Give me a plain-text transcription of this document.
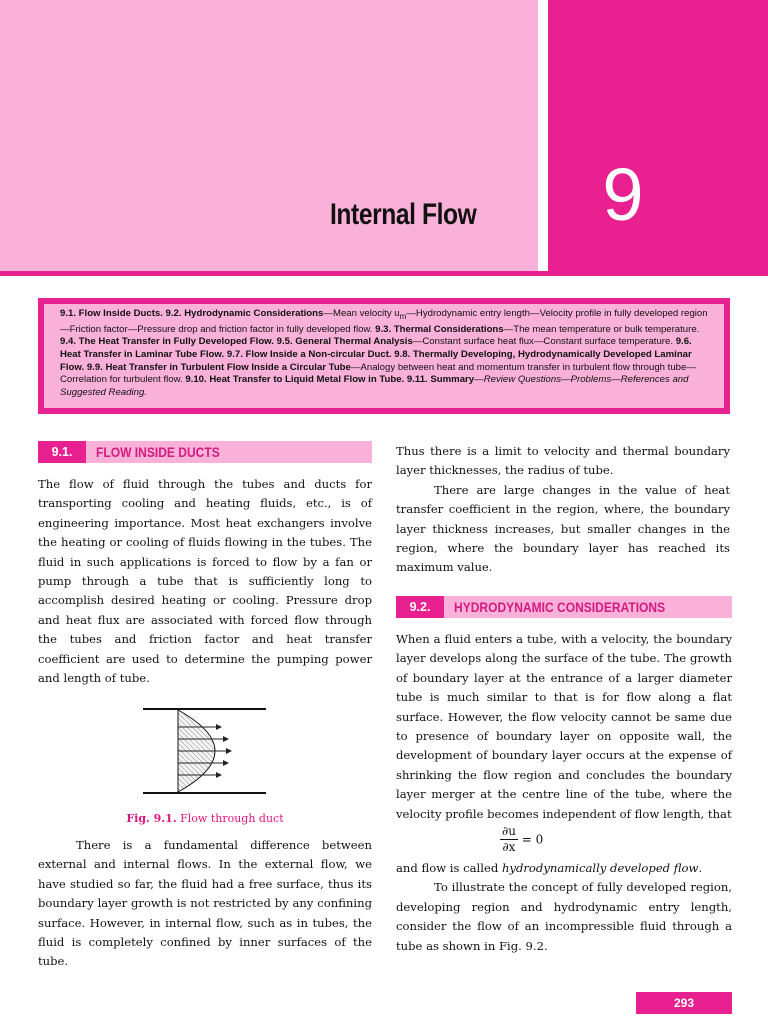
Internal Flow	9
9.1. Flow Inside Ducts. 9.2. Hydrodynamic Considerations—Mean velocity $u_m—Hydrodynamic$ entry length—Velocity profile in fully developed region—Friction factor—Pressure drop and friction factor in fully developed flow. 9.3. Thermal Considerations—The mean temperature or bulk temperature. 9.4. The Heat Transfer in Fully Developed Flow. 9.5. General Thermal Analysis—Constant surface heat flux—Constant surface temperature. 9.6. Heat Transfer in Laminar Tube Flow. 9.7. Flow Inside a Non-circular Duct. 9.8. Thermally Developing, Hydrodynamically Developed Laminar Flow. 9.9. Heat Transfer in Turbulent Flow Inside a Circular Tube—Analogy between heat and momentum transfer in turbulent flow through tube—Correlation for turbulent flow. 9.10. Heat Transfer to Liquid Metal Flow in Tube. 9.11. Summary—Review Questions—Problems—References and Suggested Reading.
9.1.	FLOW INSIDE DUCTS

The flow of fluid through the tubes and ducts for transporting cooling and heating fluids, etc., is of engineering importance. Most heat exchangers involve the heating or cooling of fluids flowing in the tubes. The fluid in such applications is forced to flow by a fan or pump through a tube that is sufficiently long to accomplish desired heating or cooling. Pressure drop and heat flux are associated with forced flow through the tubes and friction factor and heat transfer coefficient are used to determine the pumping power and length of tube.

Fig. 9.1. Flow through duct

There is a fundamental difference between external and internal flows. In the external flow, we have studied so far, the fluid had a free surface, thus its boundary layer growth is not restricted by any confining surface. However, in internal flow, such as in tubes, the fluid is completely confined by inner surfaces of the tube.

Thus there is a limit to velocity and thermal boundary layer thicknesses, the radius of tube.

There are large changes in the value of heat transfer coefficient in the region, where, the boundary layer thickness increases, but smaller changes in the region, where the boundary layer has reached its maximum value.

9.2.	HYDRODYNAMIC CONSIDERATIONS

When a fluid enters a tube, with a velocity, the boundary layer develops along the surface of the tube. The growth of boundary layer at the entrance of a larger diameter tube is much similar to that is for flow along a flat surface. However, the flow velocity cannot be same due to presence of boundary layer on opposite wall, the development of boundary layer occurs at the expense of shrinking the flow region and concludes the boundary layer merger at the centre line of the tube, where the velocity profile becomes independent of flow length, that

$\frac{\partial u}{\partial x} = 0$

and flow is called hydrodynamically developed flow.

To illustrate the concept of fully developed region, developing region and hydrodynamic entry length, consider the flow of an incompressible fluid through a tube as shown in Fig. 9.2.

293
